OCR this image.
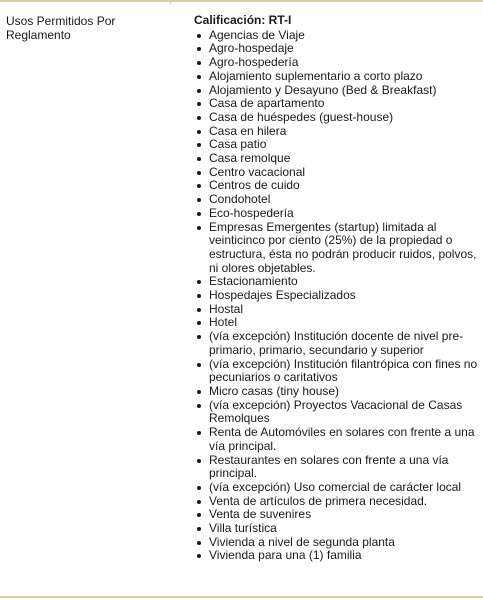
Usos Permitidos Por Reglamento
Calificación: RT-I
Agencias de Viaje
Agro-hospedaje
Agro-hospedería
Alojamiento suplementario a corto plazo
Alojamiento y Desayuno (Bed & Breakfast)
Casa de apartamento
Casa de huéspedes (guest-house)
Casa en hilera
Casa patio
Casa remolque
Centro vacacional
Centros de cuido
Condohotel
Eco-hospedería
Empresas Emergentes (startup) limitada al veinticinco por ciento (25%) de la propiedad o estructura, ésta no podrán producir ruidos, polvos, ni olores objetables.
Estacionamiento
Hospedajes Especializados
Hostal
Hotel
(vía excepción) Institución docente de nivel pre-primario, primario, secundario y superior
(vía excepción) Institución filantrópica con fines no pecuniarios o caritativos
Micro casas (tiny house)
(vía excepción) Proyectos Vacacional de Casas Remolques
Renta de Automóviles en solares con frente a una vía principal.
Restaurantes en solares con frente a una vía principal.
(vía excepción) Uso comercial de carácter local
Venta de artículos de primera necesidad.
Venta de suvenires
Villa turística
Vivienda a nivel de segunda planta
Vivienda para una (1) familia
